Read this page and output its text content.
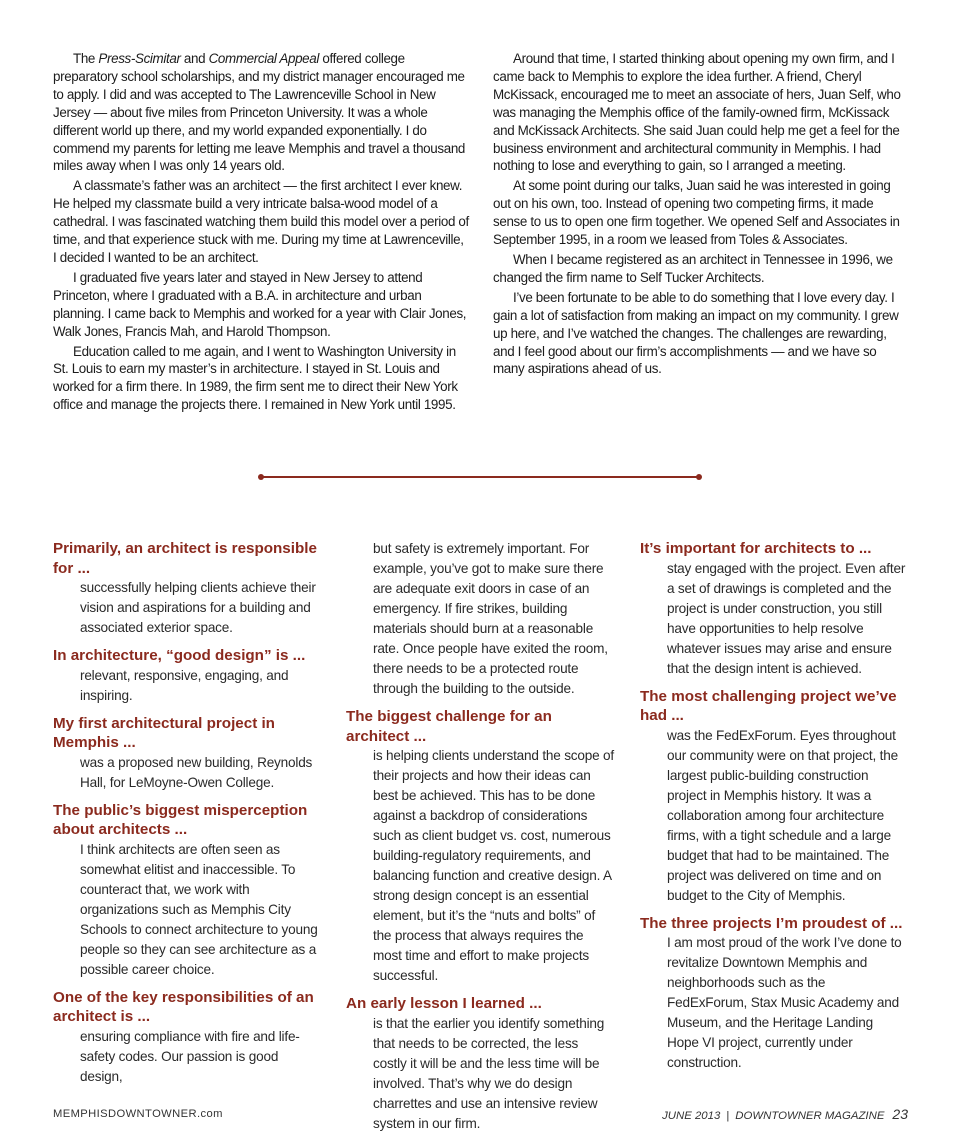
The Press-Scimitar and Commercial Appeal offered college preparatory school scholarships, and my district manager encouraged me to apply. I did and was accepted to The Lawrenceville School in New Jersey — about five miles from Princeton University. It was a whole different world up there, and my world expanded exponentially. I do commend my parents for letting me leave Memphis and travel a thousand miles away when I was only 14 years old.

A classmate’s father was an architect — the first architect I ever knew. He helped my classmate build a very intricate balsa-wood model of a cathedral. I was fascinated watching them build this model over a period of time, and that experience stuck with me. During my time at Lawrenceville, I decided I wanted to be an architect.

I graduated five years later and stayed in New Jersey to attend Princeton, where I graduated with a B.A. in architecture and urban planning. I came back to Memphis and worked for a year with Clair Jones, Walk Jones, Francis Mah, and Harold Thompson.

Education called to me again, and I went to Washington University in St. Louis to earn my master’s in architecture. I stayed in St. Louis and worked for a firm there. In 1989, the firm sent me to direct their New York office and manage the projects there. I remained in New York until 1995.

Around that time, I started thinking about opening my own firm, and I came back to Memphis to explore the idea further. A friend, Cheryl McKissack, encouraged me to meet an associate of hers, Juan Self, who was managing the Memphis office of the family-owned firm, McKissack and McKissack Architects. She said Juan could help me get a feel for the business environment and architectural community in Memphis. I had nothing to lose and everything to gain, so I arranged a meeting.

At some point during our talks, Juan said he was interested in going out on his own, too. Instead of opening two competing firms, it made sense to us to open one firm together. We opened Self and Associates in September 1995, in a room we leased from Toles & Associates.

When I became registered as an architect in Tennessee in 1996, we changed the firm name to Self Tucker Architects.

I’ve been fortunate to be able to do something that I love every day. I gain a lot of satisfaction from making an impact on my community. I grew up here, and I’ve watched the changes. The challenges are rewarding, and I feel good about our firm’s accomplishments — and we have so many aspirations ahead of us.

Primarily, an architect is responsible for ...

successfully helping clients achieve their vision and aspirations for a building and associated exterior space.

In architecture, “good design” is ...

relevant, responsive, engaging, and inspiring.

My first architectural project in Memphis ...

was a proposed new building, Reynolds Hall, for LeMoyne-Owen College.

The public’s biggest misperception about architects ...

I think architects are often seen as somewhat elitist and inaccessible. To counteract that, we work with organizations such as Memphis City Schools to connect architecture to young people so they can see architecture as a possible career choice.

One of the key responsibilities of an architect is ...

ensuring compliance with fire and life-safety codes. Our passion is good design,

but safety is extremely important. For example, you’ve got to make sure there are adequate exit doors in case of an emergency. If fire strikes, building materials should burn at a reasonable rate. Once people have exited the room, there needs to be a protected route through the building to the outside.

The biggest challenge for an architect ...

is helping clients understand the scope of their projects and how their ideas can best be achieved. This has to be done against a backdrop of considerations such as client budget vs. cost, numerous building-regulatory requirements, and balancing function and creative design. A strong design concept is an essential element, but it’s the “nuts and bolts” of the process that always requires the most time and effort to make projects successful.

An early lesson I learned ...

is that the earlier you identify something that needs to be corrected, the less costly it will be and the less time will be involved. That’s why we do design charrettes and use an intensive review system in our firm.

It’s important for architects to ...

stay engaged with the project. Even after a set of drawings is completed and the project is under construction, you still have opportunities to help resolve whatever issues may arise and ensure that the design intent is achieved.

The most challenging project we’ve had ...

was the FedExForum. Eyes throughout our community were on that project, the largest public-building construction project in Memphis history. It was a collaboration among four architecture firms, with a tight schedule and a large budget that had to be maintained. The project was delivered on time and on budget to the City of Memphis.

The three projects I’m proudest of ...

I am most proud of the work I’ve done to revitalize Downtown Memphis and neighborhoods such as the FedExForum, Stax Music Academy and Museum, and the Heritage Landing Hope VI project, currently under construction.

MEMPHISDOWNTOWNER.com	JUNE 2013 | DOWNTOWNER MAGAZINE 23
